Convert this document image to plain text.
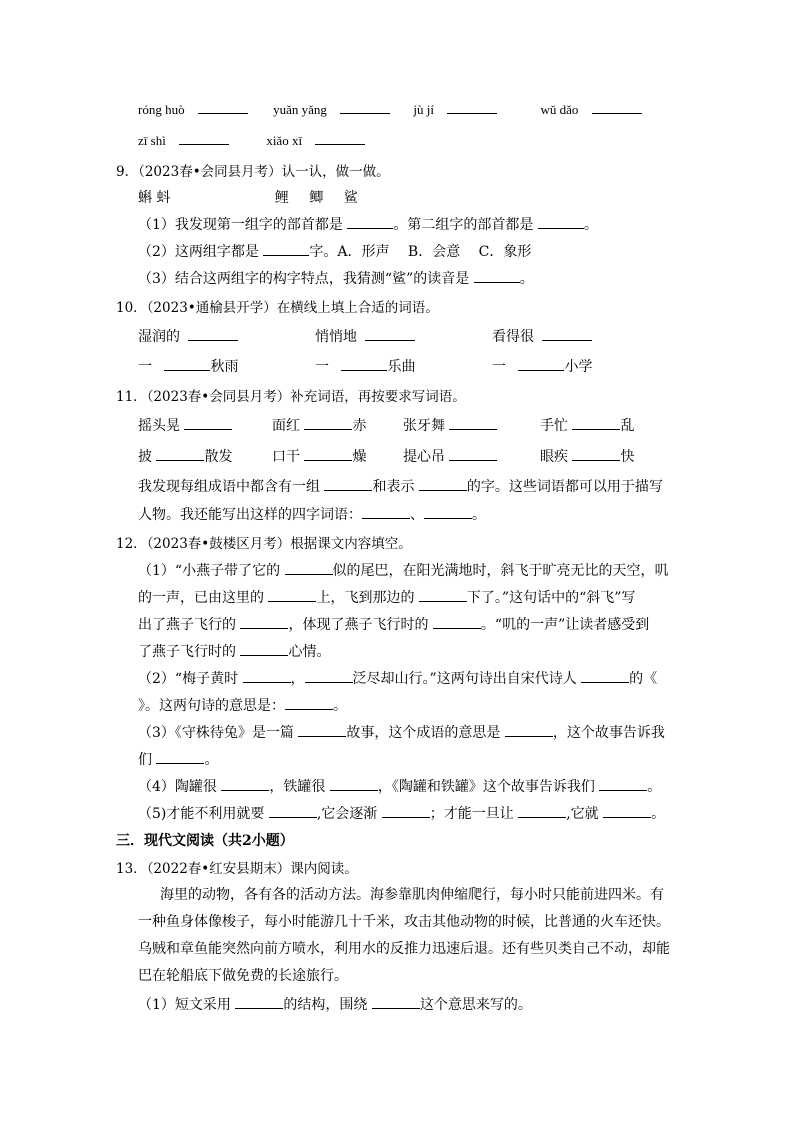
róng huò	yuǎn yǎng	jù jí	wǔ dǎo
zī shì	xiǎo xī
9．（2023春•会同县月考）认一认，做一做。
蝌 蚪	鲤 鲫 鲨
（1）我发现第一组字的部首都是	。第二组字的部首都是	。
（2）这两组字都是	字。A．形声　 B．会意　 C．象形
（3）结合这两组字的构字特点，我猜测“鲨”的读音是	。
10．（2023•通榆县开学）在横线上填上合适的词语。
湿润的	悄悄地	看得很
一	秋雨	一	乐曲	一	小学
11．（2023春•会同县月考）补充词语，再按要求写词语。
摇头晃	面红	赤	张牙舞	手忙	乱
披	散发	口干	燥	提心吊	眼疾	快
我发现每组成语中都含有一组	和表示	的字。这些词语都可以用于描写
人物。我还能写出这样的四字词语：	、	。
12．（2023春•鼓楼区月考）根据课文内容填空。
（1）“小燕子带了它的	似的尾巴，在阳光满地时，斜飞于旷亮无比的天空，叽
的一声，已由这里的	上，飞到那边的	下了。”这句话中的“斜飞”写
出了燕子飞行的	，体现了燕子飞行时的	。“叽的一声”让读者感受到
了燕子飞行时的	心情。
（2）“梅子黄时	，	泛尽却山行。”这两句诗出自宋代诗人	的《
》。这两句诗的意思是：	。
（3）《守株待兔》是一篇	故事，这个成语的意思是	，这个故事告诉我
们	。
（4）陶罐很	，铁罐很	，《陶罐和铁罐》这个故事告诉我们	。
（5)才能不利用就要	,它会逐渐	；才能一旦让	,它就	。
三．现代文阅读（共2小题）
13．（2022春•红安县期末）课内阅读。
海里的动物，各有各的活动方法。海参靠肌肉伸缩爬行，每小时只能前进四米。有
一种鱼身体像梭子，每小时能游几十千米，攻击其他动物的时候，比普通的火车还快。
乌贼和章鱼能突然向前方喷水，利用水的反推力迅速后退。还有些贝类自己不动，却能
巴在轮船底下做免费的长途旅行。
（1）短文采用	的结构，围绕	这个意思来写的。
